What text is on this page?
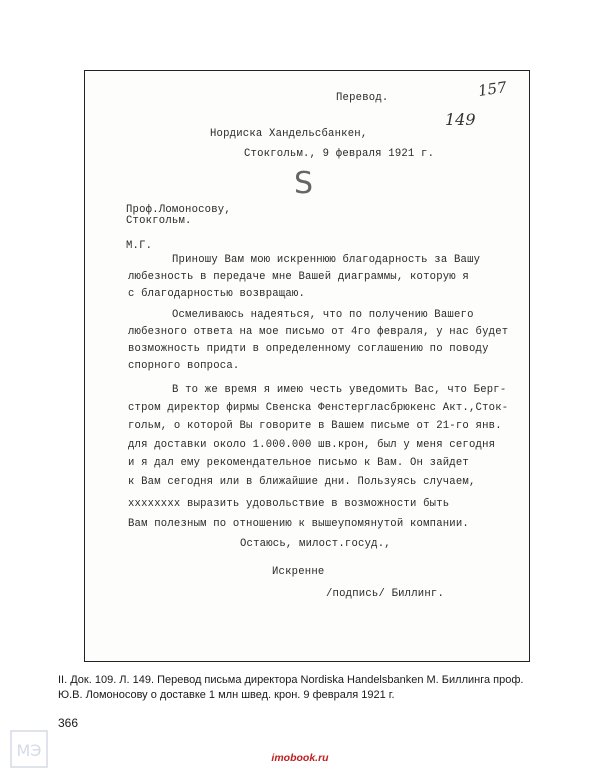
Перевод.
Нордиска Хандельсбанкен,
Стокгольм., 9 февраля 1921 г.
157
149
S
Проф.Ломоносову,
Стокгольм.
М.Г.
Приношу Вам мою искреннюю благодарность за Вашу
любезность в передаче мне Вашей диаграммы, которую я
с благодарностью возвращаю.
Осмеливаюсь надеяться, что по получению Вашего
любезного ответа на мое письмо от 4го февраля, у нас будет
возможность придти в определенному соглашению по поводу
спорного вопроса.
В то же время я имею честь уведомить Вас, что Берг-
стром директор фирмы Свенска Фенстергласбрюкенс Акт.,Сток-
гольм, о которой Вы говорите в Вашем письме от 21-го янв.
для доставки около 1.000.000 шв.крон, был у меня сегодня
и я дал ему рекомендательное письмо к Вам. Он зайдет
к Вам сегодня или в ближайшие дни. Пользуясь случаем,
хххххххх выразить удовольствие в возможности быть
Вам полезным по отношению к вышеупомянутой компании.
Остаюсь, милост.госуд.,
Искренне
/подпись/ Биллинг.
II. Док. 109. Л. 149. Перевод письма директора Nordiska Handelsbanken М. Биллинга проф. Ю.В. Ломоносову о доставке 1 млн швед. крон. 9 февраля 1921 г.
366
imobook.ru
МЭ
